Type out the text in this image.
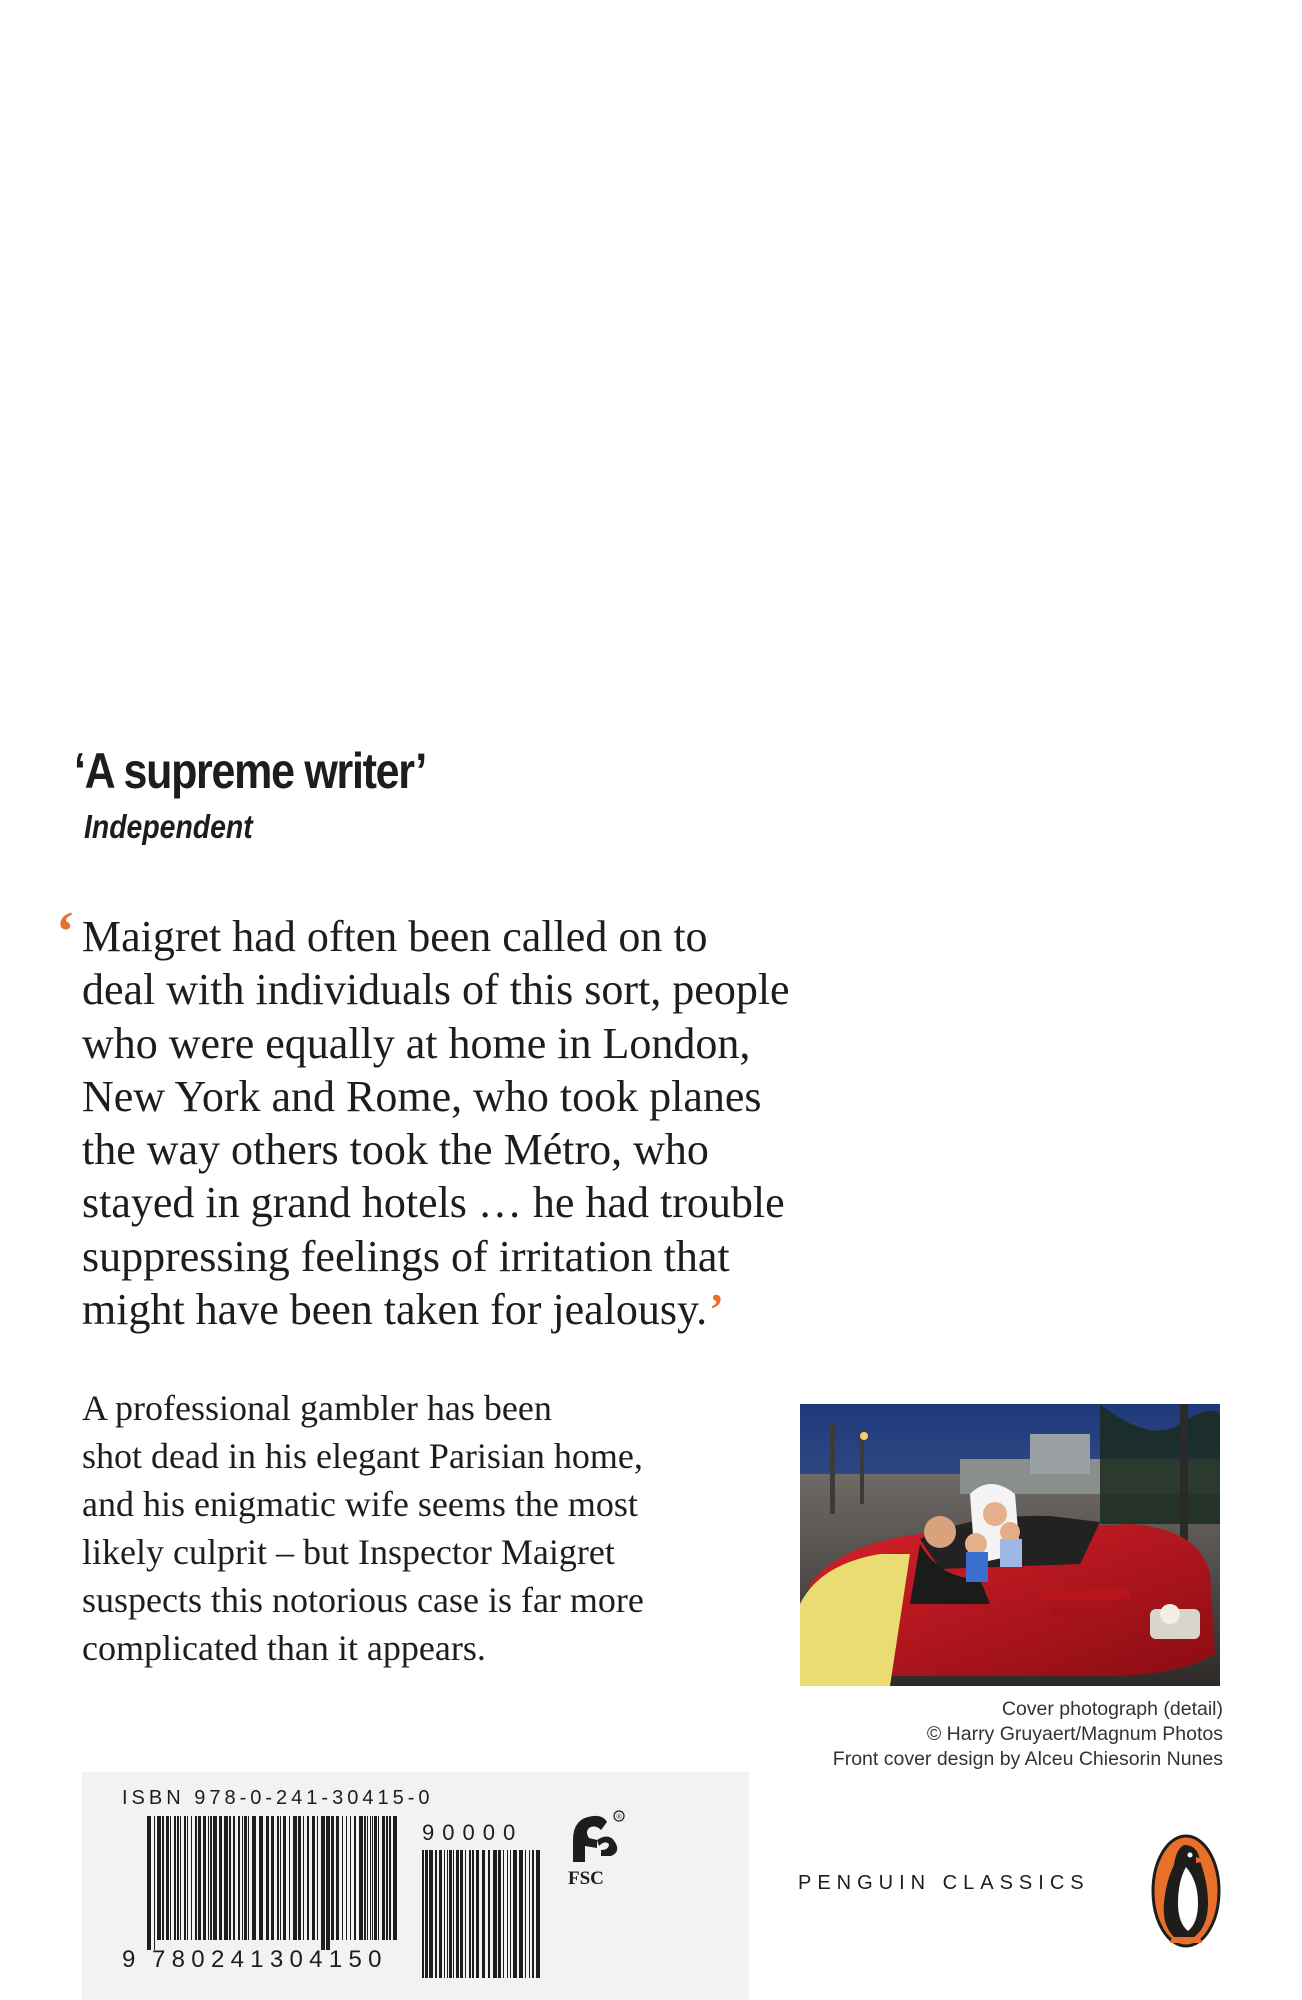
‘A supreme writer’

Independent

‘ Maigret had often been called on to
deal with individuals of this sort, people
who were equally at home in London,
New York and Rome, who took planes
the way others took the Métro, who
stayed in grand hotels … he had trouble
suppressing feelings of irritation that
might have been taken for jealousy.’
A professional gambler has been
shot dead in his elegant Parisian home,
and his enigmatic wife seems the most
likely culprit – but Inspector Maigret
suspects this notorious case is far more
complicated than it appears.
Cover photograph (detail)
© Harry Gruyaert/Magnum Photos
Front cover design by Alceu Chiesorin Nunes
ISBN 978-0-241-30415-0
9 780241304150
90000
®
FSC	PENGUIN CLASSICS
